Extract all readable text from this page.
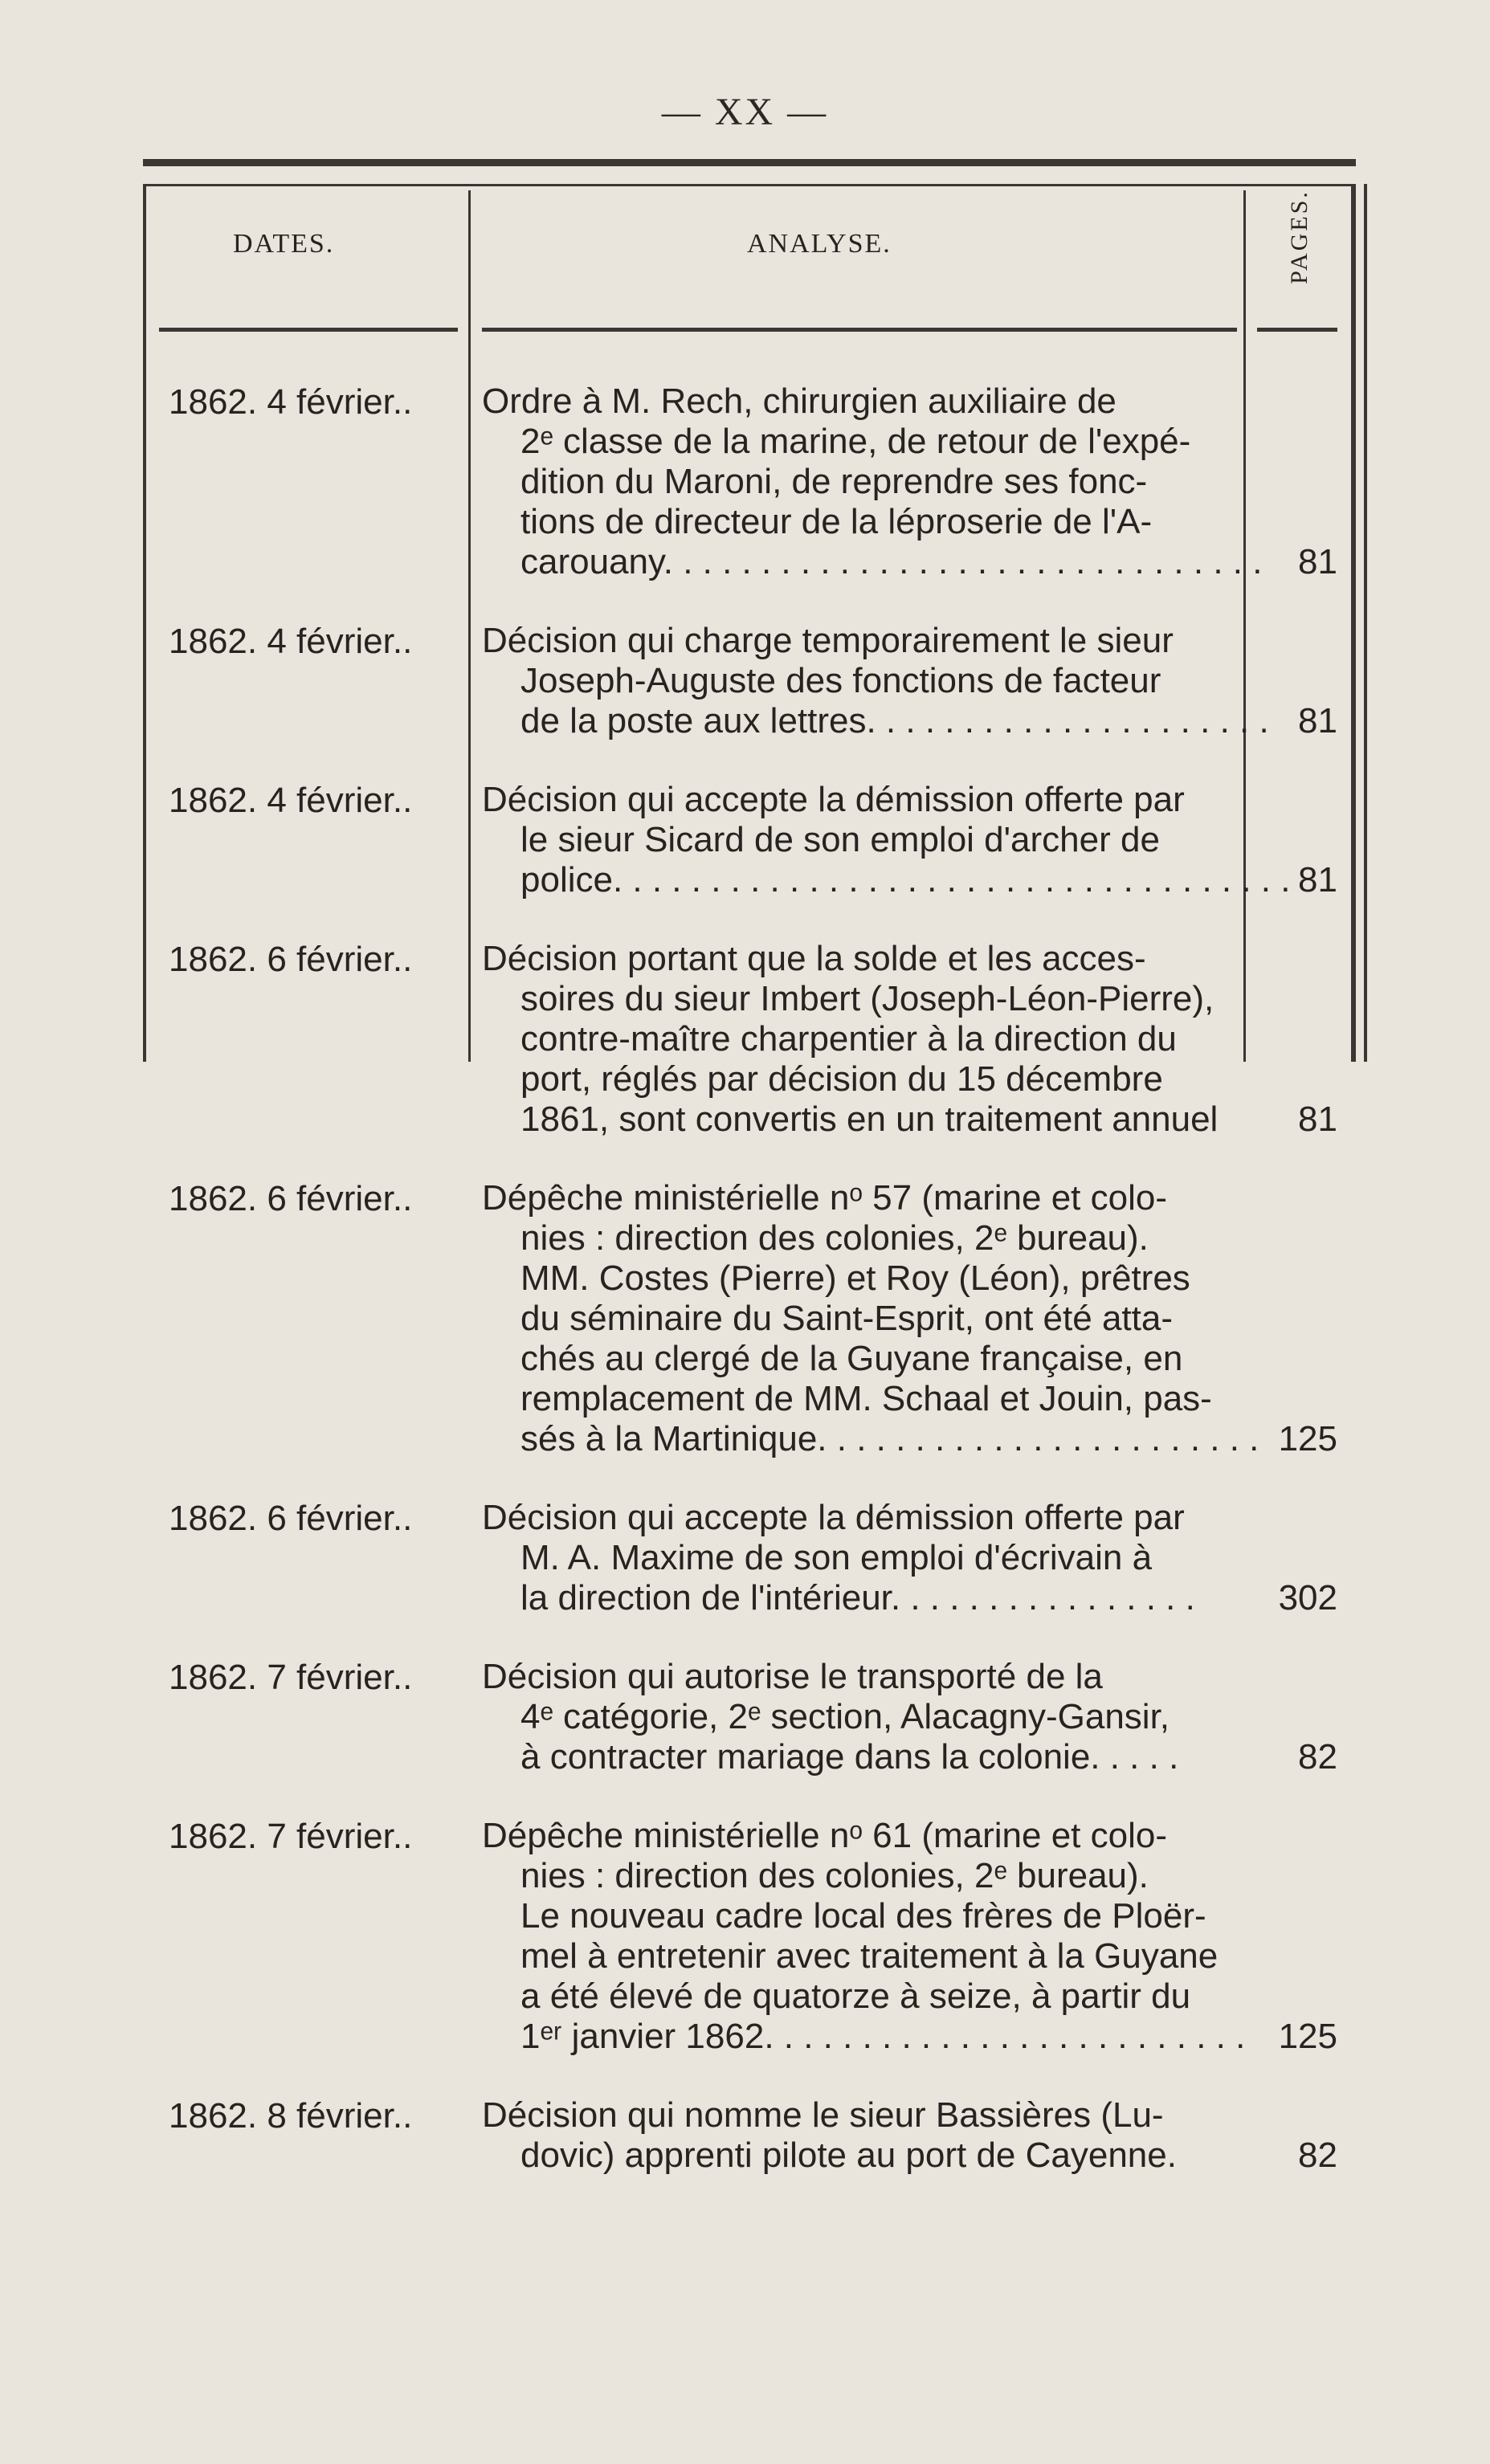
— XX —
DATES.	ANALYSE.	PAGES.
1862. 4 février.. Ordre à M. Rech, chirurgien auxiliaire de
2ᵉ classe de la marine, de retour de l'expé-
dition du Maroni, de reprendre ses fonc-
tions de directeur de la léproserie de l'A-
carouany. . . . . . . . . . . . . . . . . . . . . . . . . . . . . . .	81
1862. 4 février.. Décision qui charge temporairement le sieur
Joseph-Auguste des fonctions de facteur
de la poste aux lettres. . . . . . . . . . . . . . . . . . . . . 81
1862. 4 février.. Décision qui accepte la démission offerte par
le sieur Sicard de son emploi d'archer de
police. . . . . . . . . . . . . . . . . . . . . . . . . . . . . . . . . . . 81
1862. 6 février.. Décision portant que la solde et les acces-
soires du sieur Imbert (Joseph-Léon-Pierre),
contre-maître charpentier à la direction du
port, réglés par décision du 15 décembre
1861, sont convertis en un traitement annuel	81
1862. 6 février.. Dépêche ministérielle nᵒ 57 (marine et colo-
nies : direction des colonies, 2ᵉ bureau).
MM. Costes (Pierre) et Roy (Léon), prêtres
du séminaire du Saint-Esprit, ont été atta-
chés au clergé de la Guyane française, en
remplacement de MM. Schaal et Jouin, pas-
sés à la Martinique. . . . . . . . . . . . . . . . . . . . . . . 125
1862. 6 février.. Décision qui accepte la démission offerte par
M. A. Maxime de son emploi d'écrivain à
la direction de l'intérieur. . . . . . . . . . . . . . . .	302
1862. 7 février.. Décision qui autorise le transporté de la
4ᵉ catégorie, 2ᵉ section, Alacagny-Gansir,
à contracter mariage dans la colonie. . . . .	82
1862. 7 février.. Dépêche ministérielle nᵒ 61 (marine et colo-
nies : direction des colonies, 2ᵉ bureau).
Le nouveau cadre local des frères de Ploër-
mel à entretenir avec traitement à la Guyane
a été élevé de quatorze à seize, à partir du
1ᵉʳ janvier 1862. . . . . . . . . . . . . . . . . . . . . . . . . 125
1862. 8 février.. Décision qui nomme le sieur Bassières (Lu-
dovic) apprenti pilote au port de Cayenne.	82
